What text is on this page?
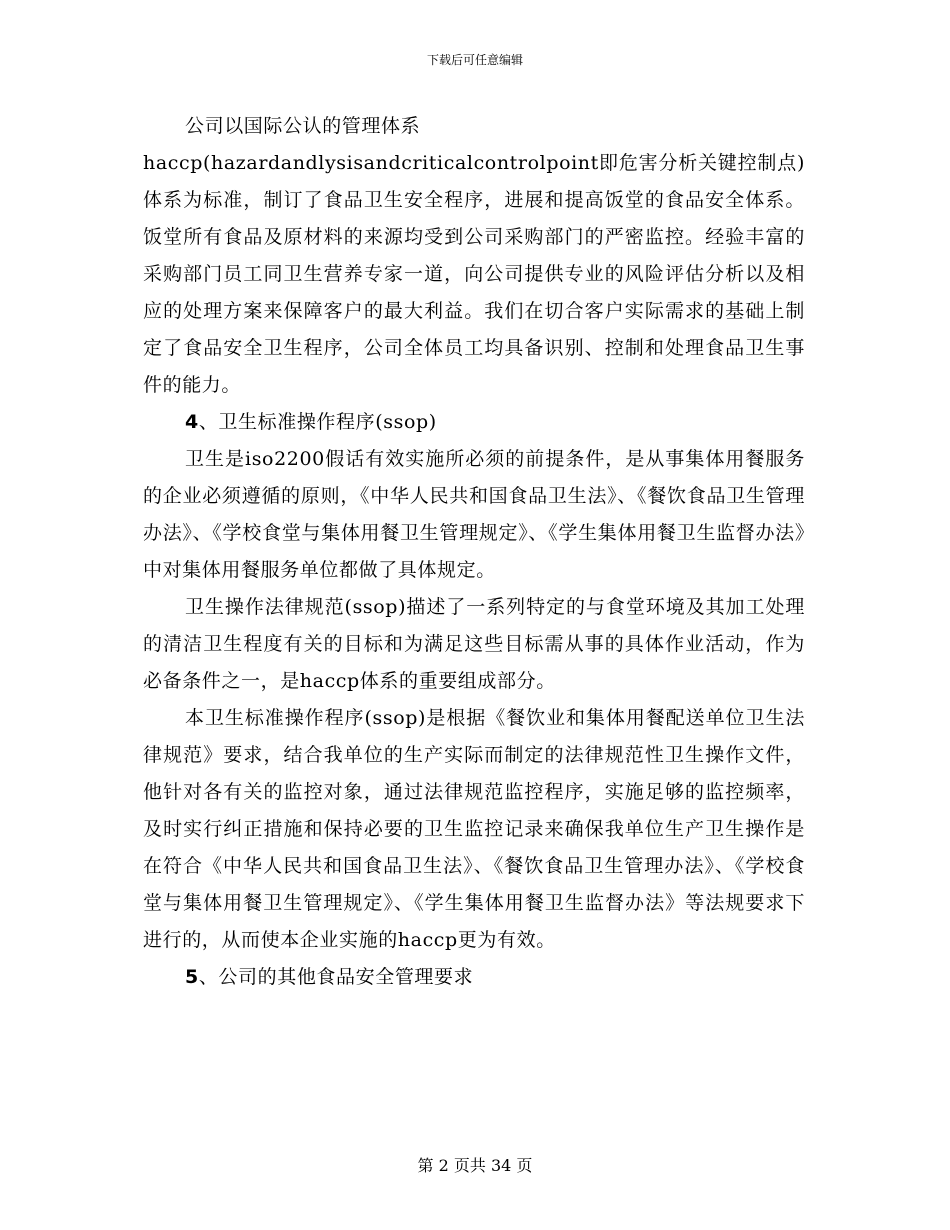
下载后可任意编辑

公司以国际公认的管理体系

haccp(hazardandlysisandcriticalcontrolpoint即危害分析关键控制点)体系为标准，制订了食品卫生安全程序，进展和提高饭堂的食品安全体系。饭堂所有食品及原材料的来源均受到公司采购部门的严密监控。经验丰富的采购部门员工同卫生营养专家一道，向公司提供专业的风险评估分析以及相应的处理方案来保障客户的最大利益。我们在切合客户实际需求的基础上制定了食品安全卫生程序，公司全体员工均具备识别、控制和处理食品卫生事件的能力。

4、卫生标准操作程序(ssop)

卫生是iso2200假话有效实施所必须的前提条件，是从事集体用餐服务的企业必须遵循的原则，《中华人民共和国食品卫生法》、《餐饮食品卫生管理办法》、《学校食堂与集体用餐卫生管理规定》、《学生集体用餐卫生监督办法》中对集体用餐服务单位都做了具体规定。

卫生操作法律规范(ssop)描述了一系列特定的与食堂环境及其加工处理的清洁卫生程度有关的目标和为满足这些目标需从事的具体作业活动，作为必备条件之一，是haccp体系的重要组成部分。

本卫生标准操作程序(ssop)是根据《餐饮业和集体用餐配送单位卫生法律规范》要求，结合我单位的生产实际而制定的法律规范性卫生操作文件，他针对各有关的监控对象，通过法律规范监控程序，实施足够的监控频率，及时实行纠正措施和保持必要的卫生监控记录来确保我单位生产卫生操作是在符合《中华人民共和国食品卫生法》、《餐饮食品卫生管理办法》、《学校食堂与集体用餐卫生管理规定》、《学生集体用餐卫生监督办法》等法规要求下进行的，从而使本企业实施的haccp更为有效。

5、公司的其他食品安全管理要求

第 2 页共 34 页
